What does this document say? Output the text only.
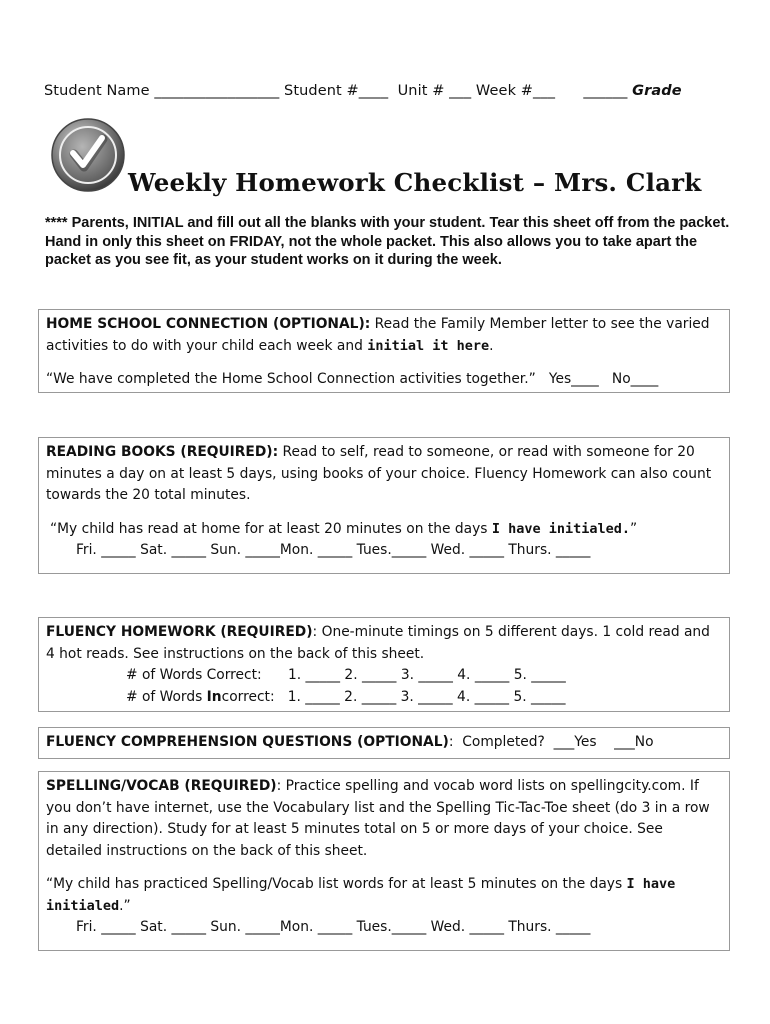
Student Name _________________ Student #____  Unit # ___ Week #___      ______ Grade
Weekly Homework Checklist – Mrs. Clark
**** Parents, INITIAL and fill out all the blanks with your student. Tear this sheet off from the packet. Hand in only this sheet on FRIDAY, not the whole packet. This also allows you to take apart the packet as you see fit, as your student works on it during the week.

HOME SCHOOL CONNECTION (OPTIONAL): Read the Family Member letter to see the varied activities to do with your child each week and initial it here.

“We have completed the Home School Connection activities together.”   Yes____   No____

READING BOOKS (REQUIRED): Read to self, read to someone, or read with someone for 20 minutes a day on at least 5 days, using books of your choice. Fluency Homework can also count towards the 20 total minutes.

“My child has read at home for at least 20 minutes on the days I have initialed.”

Fri. _____ Sat. _____ Sun. _____Mon. _____ Tues._____ Wed. _____ Thurs. _____

FLUENCY HOMEWORK (REQUIRED): One-minute timings on 5 different days. 1 cold read and 4 hot reads. See instructions on the back of this sheet.

# of Words Correct:      1. _____ 2. _____ 3. _____ 4. _____ 5. _____

# of Words Incorrect:   1. _____ 2. _____ 3. _____ 4. _____ 5. _____

FLUENCY COMPREHENSION QUESTIONS (OPTIONAL):  Completed?  ___Yes    ___No

SPELLING/VOCAB (REQUIRED): Practice spelling and vocab word lists on spellingcity.com. If you don’t have internet, use the Vocabulary list and the Spelling Tic-Tac-Toe sheet (do 3 in a row in any direction). Study for at least 5 minutes total on 5 or more days of your choice. See detailed instructions on the back of this sheet.

“My child has practiced Spelling/Vocab list words for at least 5 minutes on the days I have initialed.”

Fri. _____ Sat. _____ Sun. _____Mon. _____ Tues._____ Wed. _____ Thurs. _____
